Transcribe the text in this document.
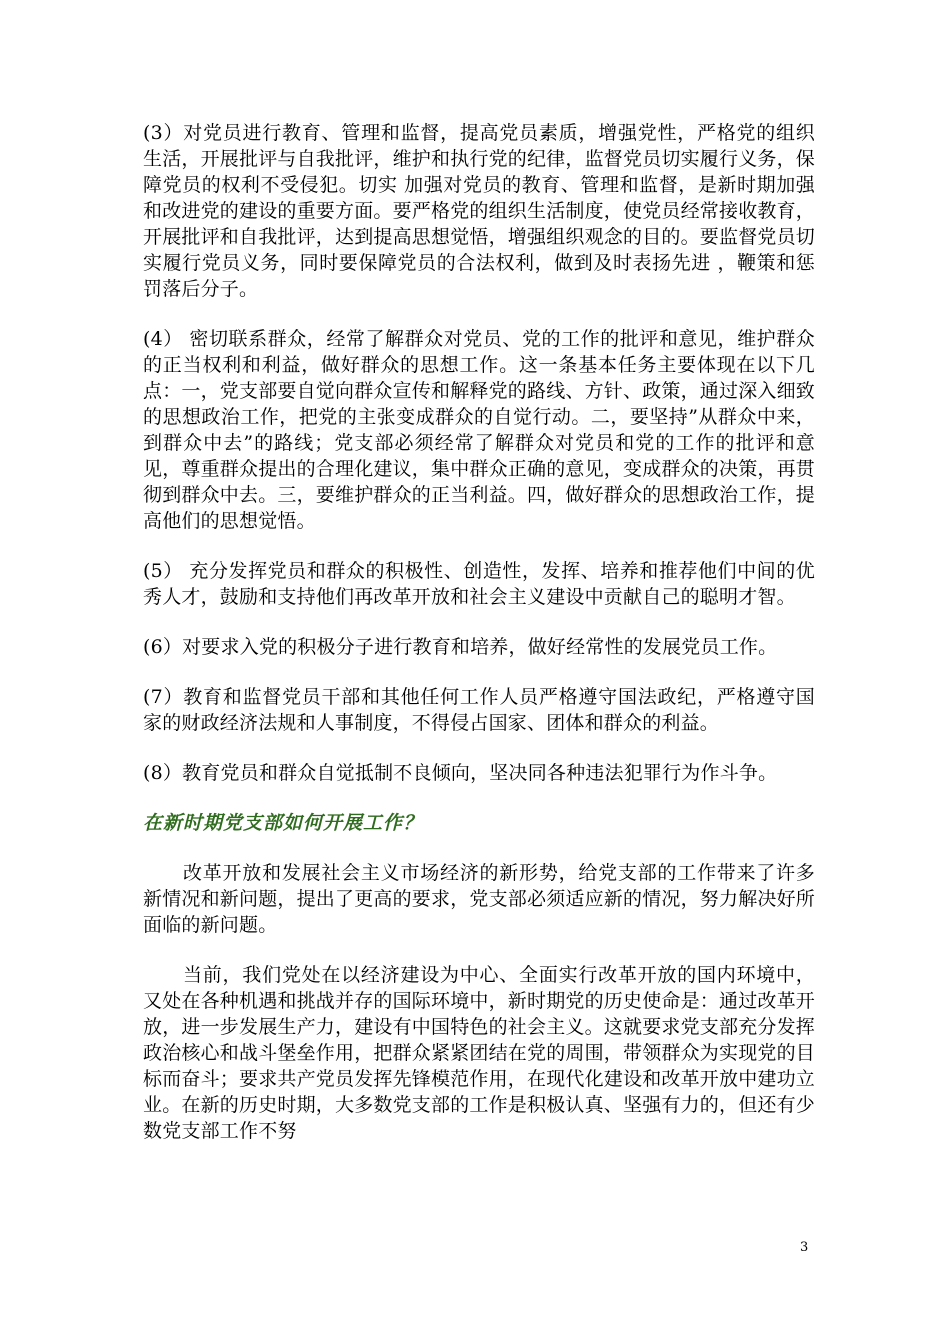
(3）对党员进行教育、管理和监督，提高党员素质，增强党性，严格党的组织生活，开展批评与自我批评，维护和执行党的纪律，监督党员切实履行义务，保障党员的权利不受侵犯。切实 加强对党员的教育、管理和监督，是新时期加强和改进党的建设的重要方面。要严格党的组织生活制度，使党员经常接收教育，开展批评和自我批评，达到提高思想觉悟，增强组织观念的目的。要监督党员切实履行党员义务，同时要保障党员的合法权利，做到及时表扬先进 ，鞭策和惩罚落后分子。

(4） 密切联系群众，经常了解群众对党员、党的工作的批评和意见，维护群众的正当权利和利益，做好群众的思想工作。这一条基本任务主要体现在以下几点：一，党支部要自觉向群众宣传和解释党的路线、方针、政策，通过深入细致的思想政治工作，把党的主张变成群众的自觉行动。二，要坚持”从群众中来，到群众中去”的路线；党支部必须经常了解群众对党员和党的工作的批评和意见，尊重群众提出的合理化建议，集中群众正确的意见，变成群众的决策，再贯彻到群众中去。三，要维护群众的正当利益。四，做好群众的思想政治工作，提高他们的思想觉悟。

(5） 充分发挥党员和群众的积极性、创造性，发挥、培养和推荐他们中间的优秀人才，鼓励和支持他们再改革开放和社会主义建设中贡献自己的聪明才智。

(6）对要求入党的积极分子进行教育和培养，做好经常性的发展党员工作。

(7）教育和监督党员干部和其他任何工作人员严格遵守国法政纪，严格遵守国家的财政经济法规和人事制度，不得侵占国家、团体和群众的利益。

(8）教育党员和群众自觉抵制不良倾向，坚决同各种违法犯罪行为作斗争。

在新时期党支部如何开展工作？

改革开放和发展社会主义市场经济的新形势，给党支部的工作带来了许多新情况和新问题，提出了更高的要求，党支部必须适应新的情况，努力解决好所面临的新问题。

当前，我们党处在以经济建设为中心、全面实行改革开放的国内环境中，又处在各种机遇和挑战并存的国际环境中，新时期党的历史使命是：通过改革开放，进一步发展生产力，建设有中国特色的社会主义。这就要求党支部充分发挥政治核心和战斗堡垒作用，把群众紧紧团结在党的周围，带领群众为实现党的目标而奋斗；要求共产党员发挥先锋模范作用，在现代化建设和改革开放中建功立业。在新的历史时期，大多数党支部的工作是积极认真、坚强有力的，但还有少数党支部工作不努

3
